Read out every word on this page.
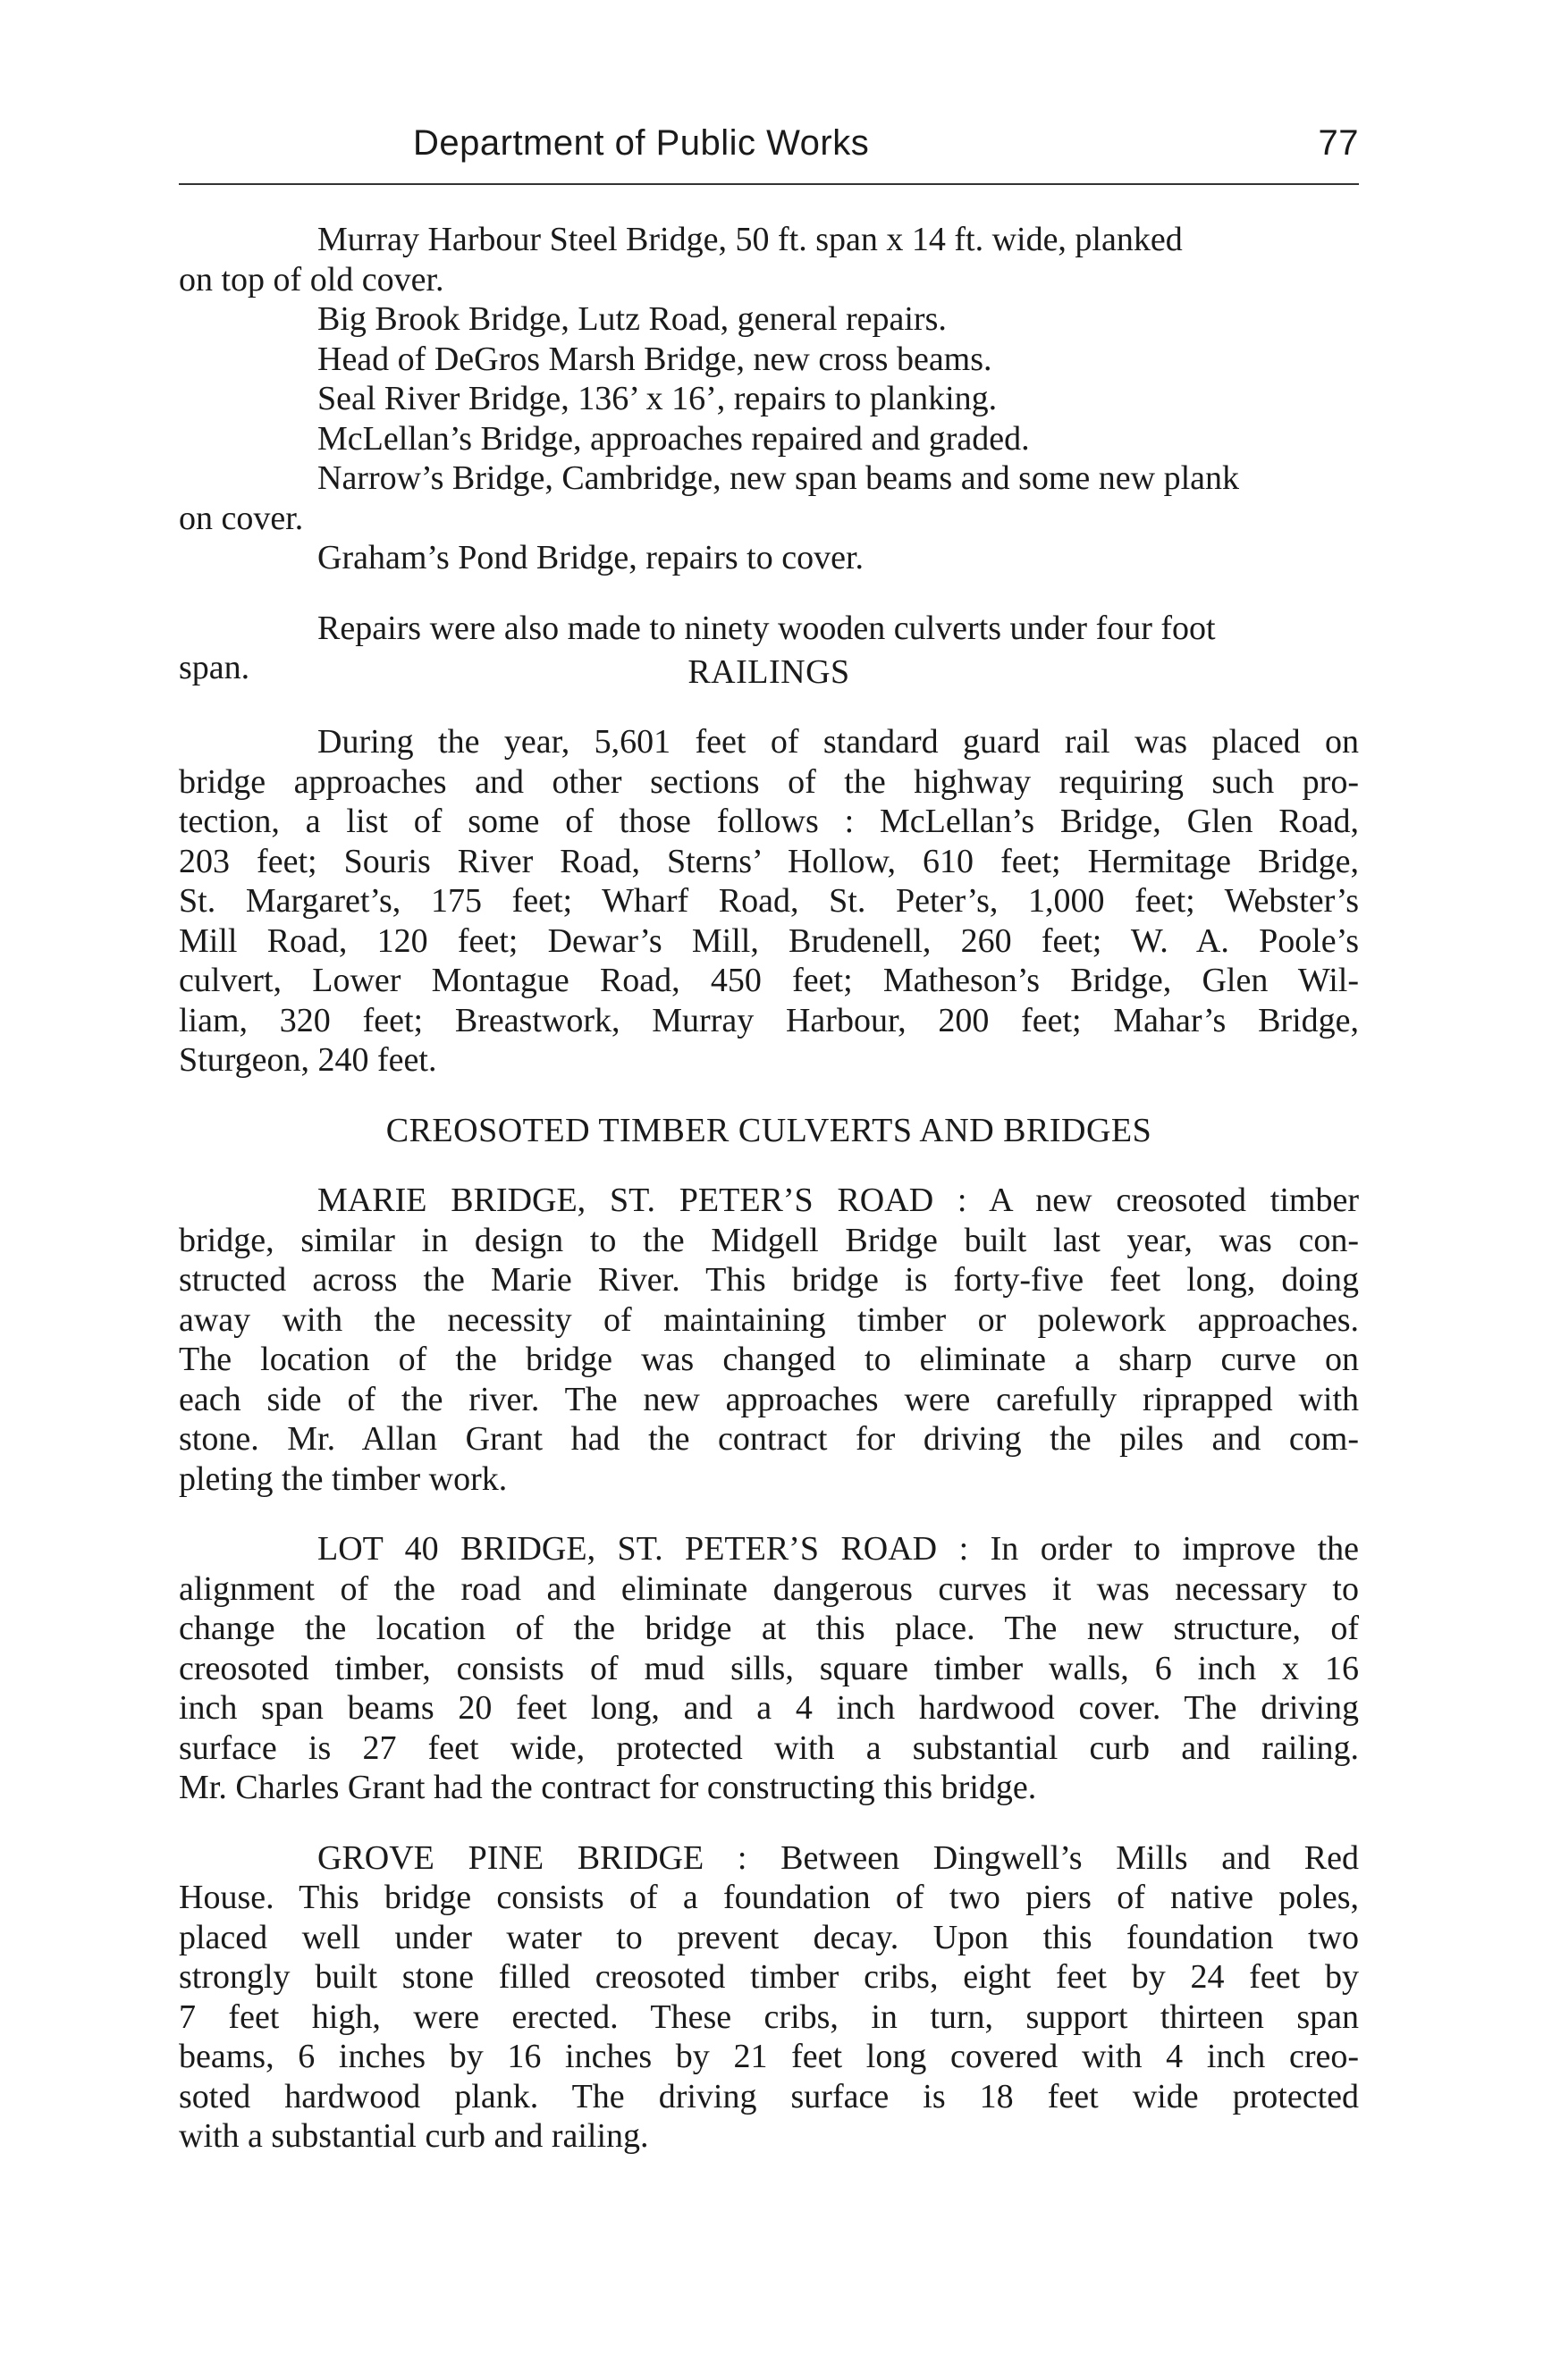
Department of Public Works	77
Murray Harbour Steel Bridge, 50 ft. span x 14 ft. wide, planked
on top of old cover.
Big Brook Bridge, Lutz Road, general repairs.
Head of DeGros Marsh Bridge, new cross beams.
Seal River Bridge, 136’ x 16’, repairs to planking.
McLellan’s Bridge, approaches repaired and graded.
Narrow’s Bridge, Cambridge, new span beams and some new plank
on cover.
Graham’s Pond Bridge, repairs to cover.
Repairs were also made to ninety wooden culverts under four foot
span.	RAILINGS
During the year, 5,601 feet of standard guard rail was placed on
bridge approaches and other sections of the highway requiring such pro-
tection, a list of some of those follows : McLellan’s Bridge, Glen Road,
203 feet; Souris River Road, Sterns’ Hollow, 610 feet; Hermitage Bridge,
St. Margaret’s, 175 feet; Wharf Road, St. Peter’s, 1,000 feet; Webster’s
Mill Road, 120 feet; Dewar’s Mill, Brudenell, 260 feet; W. A. Poole’s
culvert, Lower Montague Road, 450 feet; Matheson’s Bridge, Glen Wil-
liam, 320 feet; Breastwork, Murray Harbour, 200 feet; Mahar’s Bridge,
Sturgeon, 240 feet.
CREOSOTED TIMBER CULVERTS AND BRIDGES
MARIE BRIDGE, ST. PETER’S ROAD : A new creosoted timber
bridge, similar in design to the Midgell Bridge built last year, was con-
structed across the Marie River. This bridge is forty-five feet long, doing
away with the necessity of maintaining timber or polework approaches.
The location of the bridge was changed to eliminate a sharp curve on
each side of the river. The new approaches were carefully riprapped with
stone. Mr. Allan Grant had the contract for driving the piles and com-
pleting the timber work.
LOT 40 BRIDGE, ST. PETER’S ROAD : In order to improve the
alignment of the road and eliminate dangerous curves it was necessary to
change the location of the bridge at this place. The new structure, of
creosoted timber, consists of mud sills, square timber walls, 6 inch x 16
inch span beams 20 feet long, and a 4 inch hardwood cover. The driving
surface is 27 feet wide, protected with a substantial curb and railing.
Mr. Charles Grant had the contract for constructing this bridge.
GROVE PINE BRIDGE : Between Dingwell’s Mills and Red
House. This bridge consists of a foundation of two piers of native poles,
placed well under water to prevent decay. Upon this foundation two
strongly built stone filled creosoted timber cribs, eight feet by 24 feet by
7 feet high, were erected. These cribs, in turn, support thirteen span
beams, 6 inches by 16 inches by 21 feet long covered with 4 inch creo-
soted hardwood plank. The driving surface is 18 feet wide protected
with a substantial curb and railing.
